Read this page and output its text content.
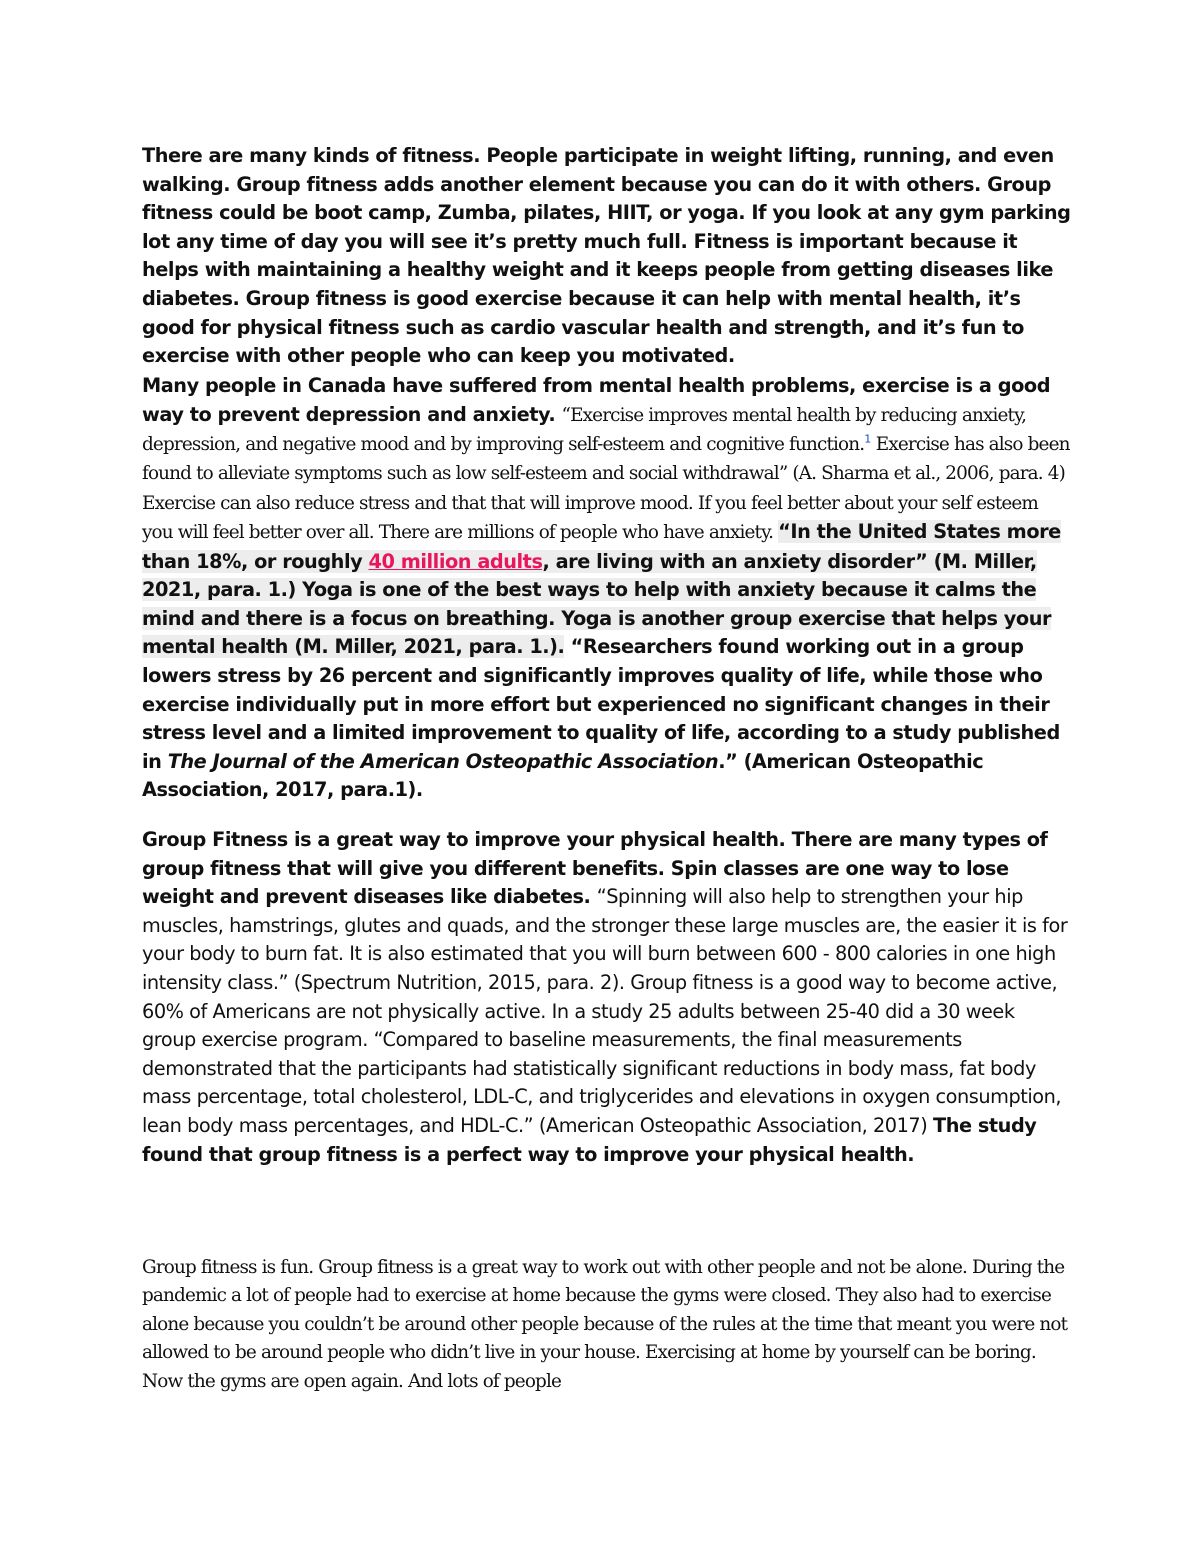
There are many kinds of fitness. People participate in weight lifting, running, and even walking. Group fitness adds another element because you can do it with others. Group fitness could be boot camp, Zumba, pilates, HIIT, or yoga. If you look at any gym parking lot any time of day you will see it’s pretty much full. Fitness is important because it helps with maintaining a healthy weight and it keeps people from getting diseases like diabetes. Group fitness is good exercise because it can help with mental health, it’s good for physical fitness such as cardio vascular health and strength, and it’s fun to exercise with other people who can keep you motivated.
Many people in Canada have suffered from mental health problems, exercise is a good way to prevent depression and anxiety. “Exercise improves mental health by reducing anxiety, depression, and negative mood and by improving self-esteem and cognitive function.$^1$ Exercise has also been found to alleviate symptoms such as low self-esteem and social withdrawal” (A. Sharma et al., 2006, para. 4) Exercise can also reduce stress and that that will improve mood. If you feel better about your self esteem you will feel better over all. There are millions of people who have anxiety. “In the United States more than 18%, or roughly 40 million adults, are living with an anxiety disorder” (M. Miller, 2021, para. 1.) Yoga is one of the best ways to help with anxiety because it calms the mind and there is a focus on breathing. Yoga is another group exercise that helps your mental health (M. Miller, 2021, para. 1.). “Researchers found working out in a group lowers stress by 26 percent and significantly improves quality of life, while those who exercise individually put in more effort but experienced no significant changes in their stress level and a limited improvement to quality of life, according to a study published in The Journal of the American Osteopathic Association.” (American Osteopathic Association, 2017, para.1).
Group Fitness is a great way to improve your physical health. There are many types of group fitness that will give you different benefits. Spin classes are one way to lose weight and prevent diseases like diabetes. “Spinning will also help to strengthen your hip muscles, hamstrings, glutes and quads, and the stronger these large muscles are, the easier it is for your body to burn fat. It is also estimated that you will burn between 600 - 800 calories in one high intensity class.” (Spectrum Nutrition, 2015, para. 2). Group fitness is a good way to become active, 60% of Americans are not physically active. In a study 25 adults between 25-40 did a 30 week group exercise program. “Compared to baseline measurements, the final measurements demonstrated that the participants had statistically significant reductions in body mass, fat body mass percentage, total cholesterol, LDL-C, and triglycerides and elevations in oxygen consumption, lean body mass percentages, and HDL-C.” (American Osteopathic Association, 2017) The study found that group fitness is a perfect way to improve your physical health.
Group fitness is fun. Group fitness is a great way to work out with other people and not be alone. During the pandemic a lot of people had to exercise at home because the gyms were closed. They also had to exercise alone because you couldn’t be around other people because of the rules at the time that meant you were not allowed to be around people who didn’t live in your house. Exercising at home by yourself can be boring. Now the gyms are open again. And lots of people
